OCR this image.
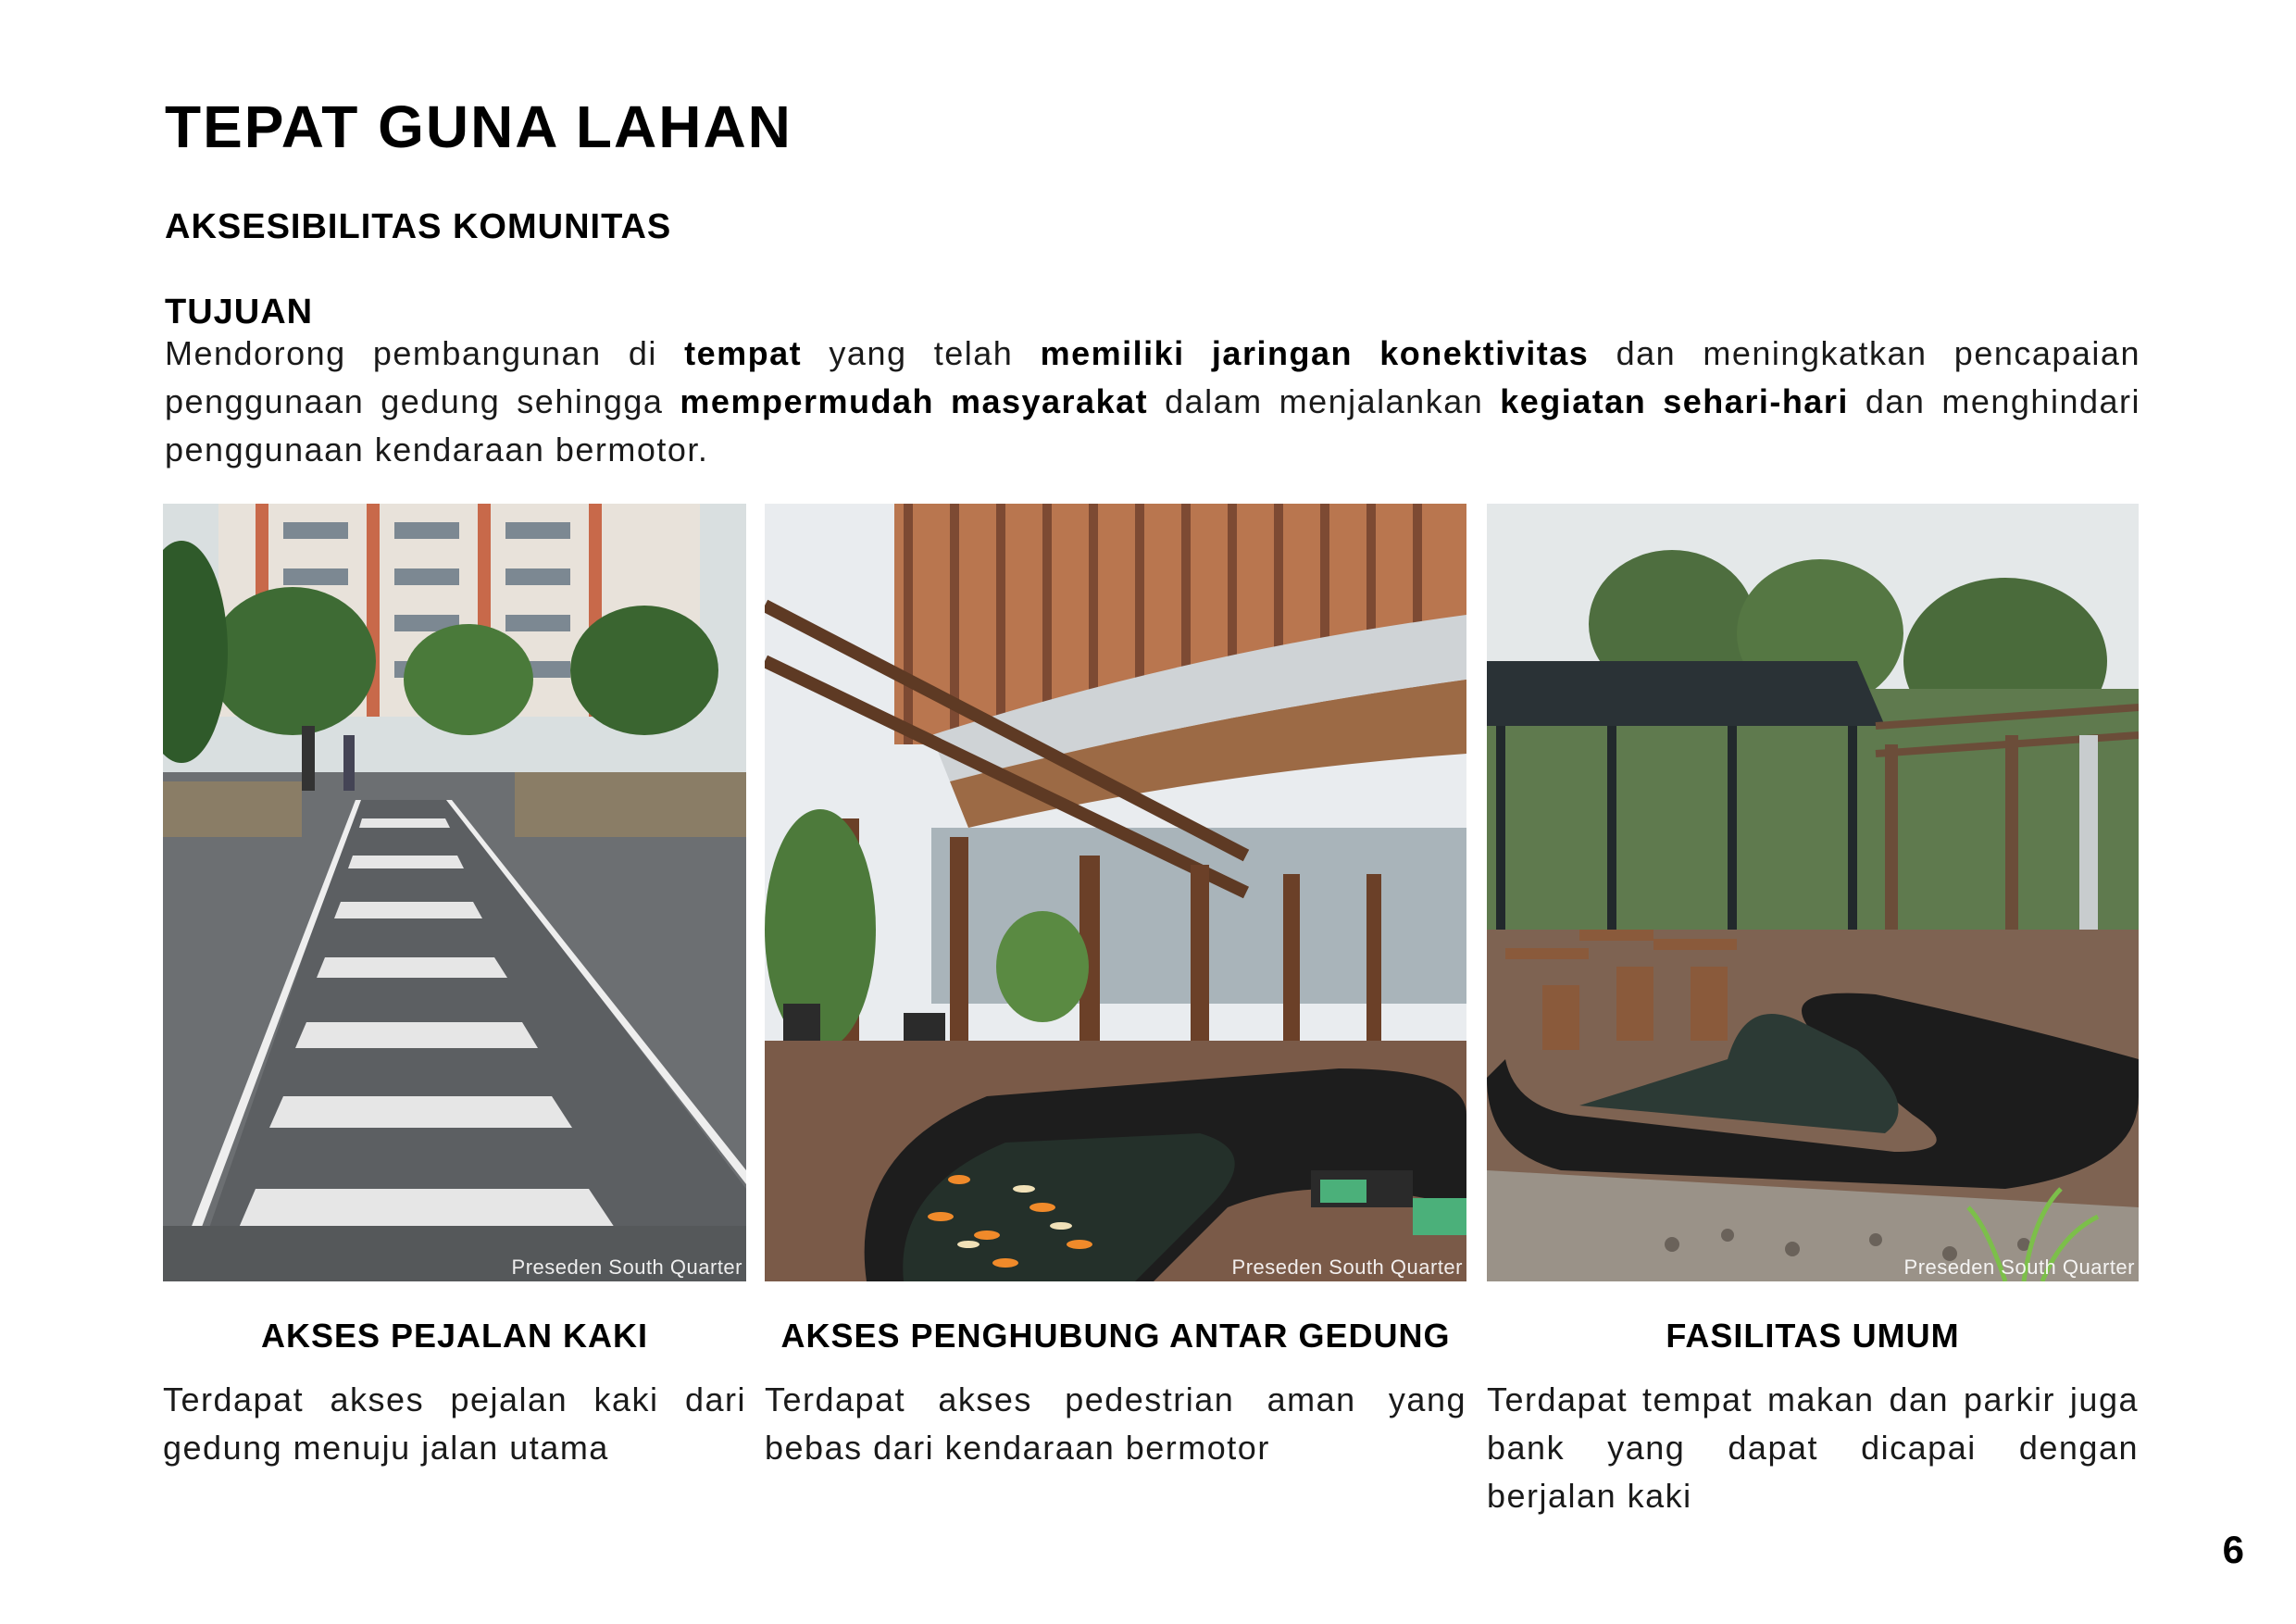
TEPAT GUNA LAHAN
AKSESIBILITAS KOMUNITAS
TUJUAN

Mendorong pembangunan di tempat yang telah memiliki jaringan konektivitas dan meningkatkan pencapaian penggunaan gedung sehingga mempermudah masyarakat dalam menjalankan kegiatan sehari-hari dan menghindari penggunaan kendaraan bermotor.

Preseden South Quarter	Preseden South Quarter	Preseden South Quarter
AKSES PEJALAN KAKI	AKSES PENGHUBUNG ANTAR GEDUNG	FASILITAS UMUM

Terdapat akses pejalan kaki dari gedung menuju jalan utama

Terdapat akses pedestrian aman yang bebas dari kendaraan bermotor

Terdapat tempat makan dan parkir juga bank yang dapat dicapai dengan berjalan kaki

6
